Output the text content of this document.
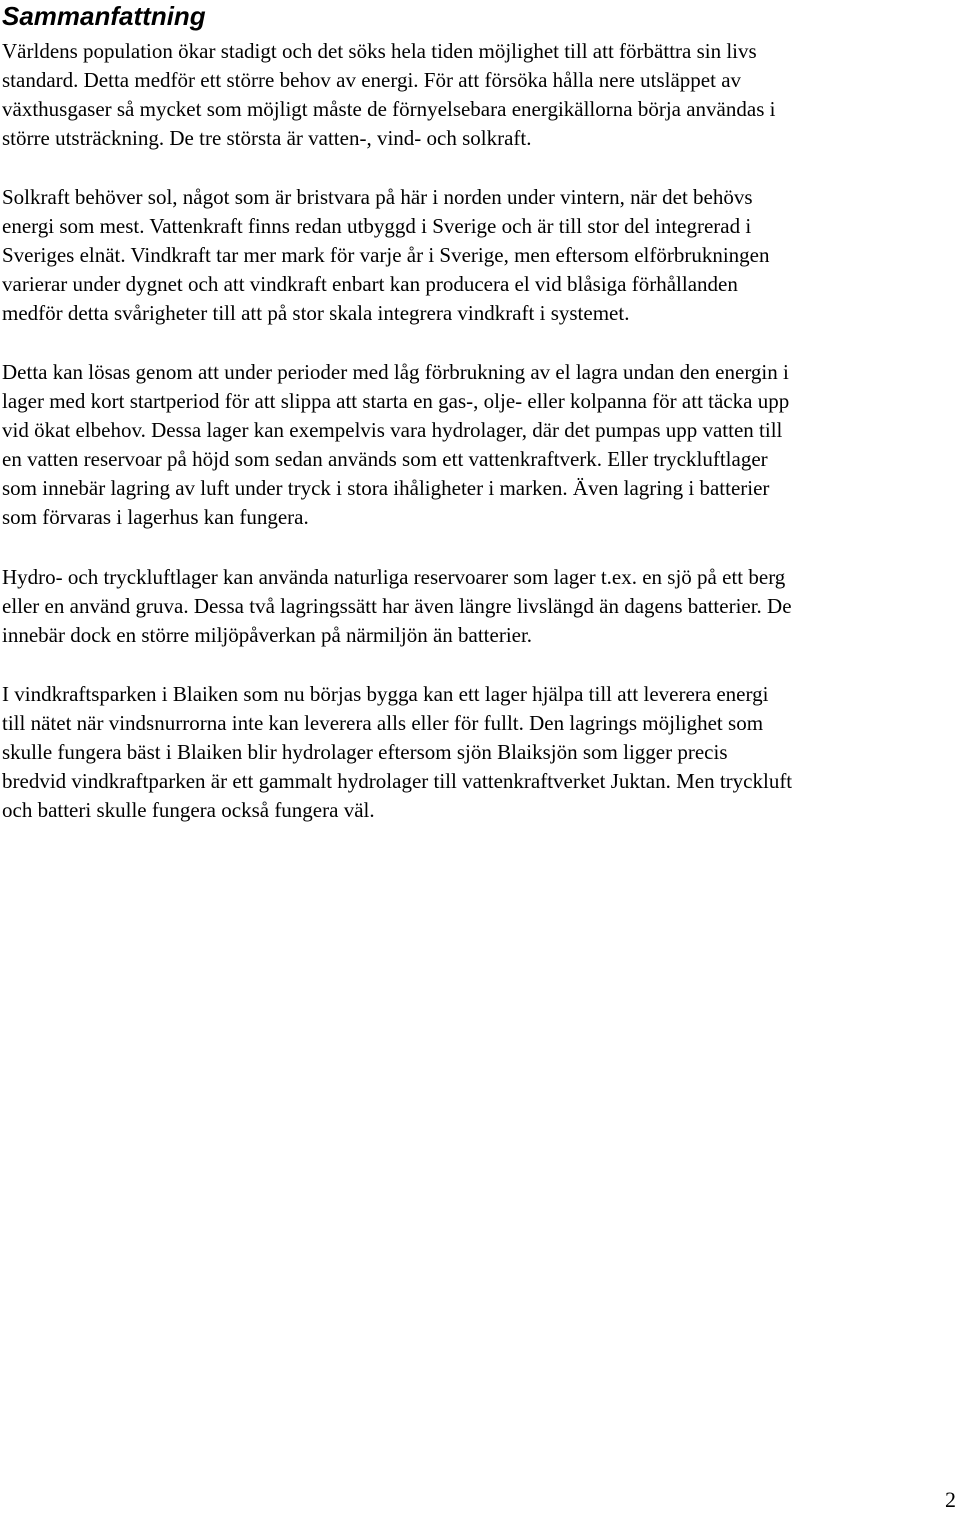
Sammanfattning

Världens population ökar stadigt och det söks hela tiden möjlighet till att förbättra sin livs
standard. Detta medför ett större behov av energi. För att försöka hålla nere utsläppet av
växthusgaser så mycket som möjligt måste de förnyelsebara energikällorna börja användas i
större utsträckning. De tre största är vatten-, vind- och solkraft.

Solkraft behöver sol, något som är bristvara på här i norden under vintern, när det behövs
energi som mest. Vattenkraft finns redan utbyggd i Sverige och är till stor del integrerad i
Sveriges elnät. Vindkraft tar mer mark för varje år i Sverige, men eftersom elförbrukningen
varierar under dygnet och att vindkraft enbart kan producera el vid blåsiga förhållanden
medför detta svårigheter till att på stor skala integrera vindkraft i systemet.

Detta kan lösas genom att under perioder med låg förbrukning av el lagra undan den energin i
lager med kort startperiod för att slippa att starta en gas-, olje- eller kolpanna för att täcka upp
vid ökat elbehov. Dessa lager kan exempelvis vara hydrolager, där det pumpas upp vatten till
en vatten reservoar på höjd som sedan används som ett vattenkraftverk. Eller tryckluftlager
som innebär lagring av luft under tryck i stora ihåligheter i marken. Även lagring i batterier
som förvaras i lagerhus kan fungera.

Hydro- och tryckluftlager kan använda naturliga reservoarer som lager t.ex. en sjö på ett berg
eller en använd gruva. Dessa två lagringssätt har även längre livslängd än dagens batterier. De
innebär dock en större miljöpåverkan på närmiljön än batterier.

I vindkraftsparken i Blaiken som nu börjas bygga kan ett lager hjälpa till att leverera energi
till nätet när vindsnurrorna inte kan leverera alls eller för fullt. Den lagrings möjlighet som
skulle fungera bäst i Blaiken blir hydrolager eftersom sjön Blaiksjön som ligger precis
bredvid vindkraftparken är ett gammalt hydrolager till vattenkraftverket Juktan. Men tryckluft
och batteri skulle fungera också fungera väl.

2
